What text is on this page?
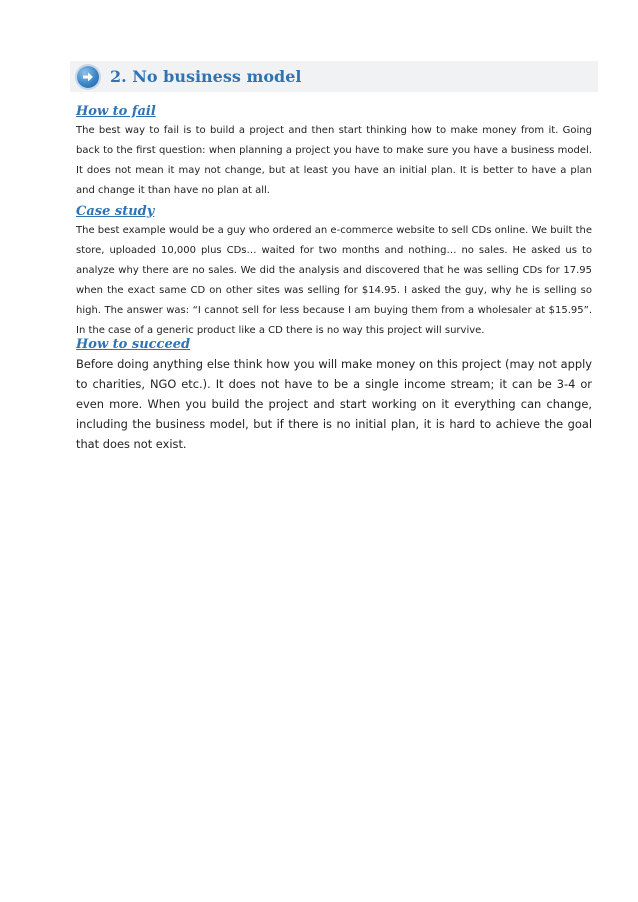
2. No business model
How to fail

The best way to fail is to build a project and then start thinking how to make money from it. Going back to the first question: when planning a project you have to make sure you have a business model. It does not mean it may not change, but at least you have an initial plan. It is better to have a plan and change it than have no plan at all.

Case study

The best example would be a guy who ordered an e-commerce website to sell CDs online. We built the store, uploaded 10,000 plus CDs… waited for two months and nothing… no sales. He asked us to analyze why there are no sales. We did the analysis and discovered that he was selling CDs for 17.95 when the exact same CD on other sites was selling for $14.95. I asked the guy, why he is selling so high. The answer was: “I cannot sell for less because I am buying them from a wholesaler at $15.95”. In the case of a generic product like a CD there is no way this project will survive.

How to succeed

Before doing anything else think how you will make money on this project (may not apply to charities, NGO etc.). It does not have to be a single income stream; it can be 3-4 or even more. When you build the project and start working on it everything can change, including the business model, but if there is no initial plan, it is hard to achieve the goal that does not exist.
